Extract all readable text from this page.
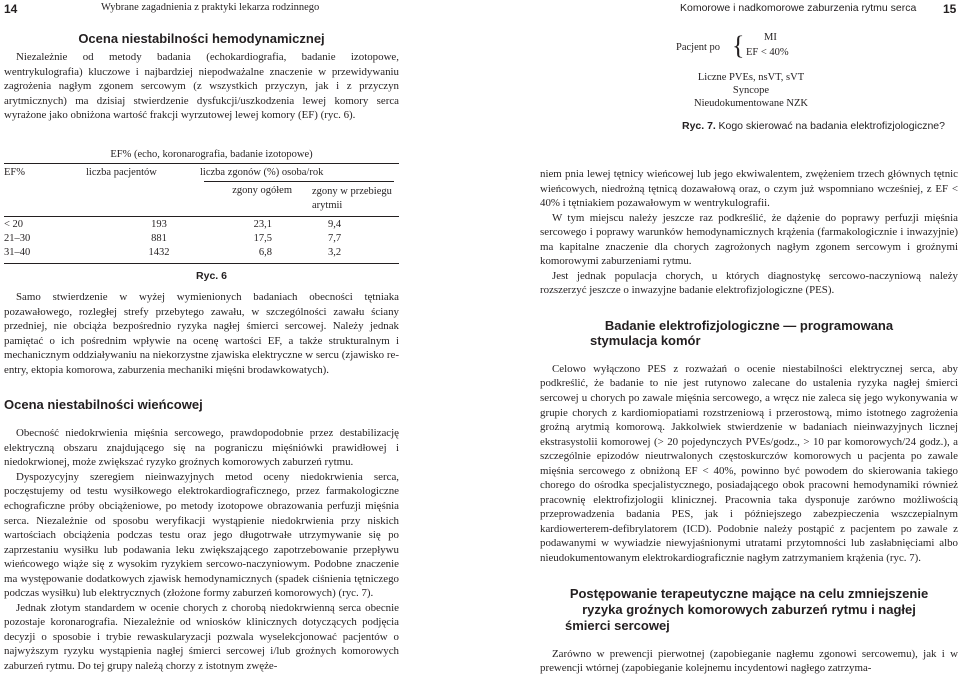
14	Wybrane zagadnienia z praktyki lekarza rodzinnego	Komorowe i nadkomorowe zaburzenia rytmu serca 15
Ocena niestabilności hemodynamicznej

Niezależnie od metody badania (echokardiografia, badanie izotopowe, wentrykulografia) kluczowe i najbardziej niepodważalne znaczenie w przewidywaniu zagrożenia nagłym zgonem sercowym (z wszystkich przyczyn, jak i z przyczyn arytmicznych) ma dzisiaj stwierdzenie dysfukcji/uszkodzenia lewej komory serca wyrażone jako obniżona wartość frakcji wyrzutowej lewej komory (EF) (ryc. 6).

EF% (echo, koronarografia, badanie izotopowe)
EF%	liczba pacjentów	liczba zgonów (%) osoba/rok
		zgony ogółem	zgony w przebiegu arytmii
< 20		193	23,1	9,4
21–30		881	17,5	7,7
31–40		1432	6,8	3,2
Ryc. 6

Samo stwierdzenie w wyżej wymienionych badaniach obecności tętniaka pozawałowego, rozległej strefy przebytego zawału, w szczególności zawału ściany przedniej, nie obciąża bezpośrednio ryzyka nagłej śmierci sercowej. Należy jednak pamiętać o ich pośrednim wpływie na ocenę wartości EF, a także strukturalnym i mechanicznym oddziaływaniu na niekorzystne zjawiska elektryczne w sercu (zjawisko re-entry, ektopia komorowa, zaburzenia mechaniki mięśni brodawkowatych).

Ocena niestabilności wieńcowej

Obecność niedokrwienia mięśnia sercowego, prawdopodobnie przez destabilizację elektryczną obszaru znajdującego się na pograniczu mięśniówki prawidłowej i niedokrwionej, może zwiększać ryzyko groźnych komorowych zaburzeń rytmu.

Dyspozycyjny szeregiem nieinwazyjnych metod oceny niedokrwienia serca, poczęstujemy od testu wysiłkowego elektrokardiograficznego, przez farmakologiczne echograficzne próby obciążeniowe, po metody izotopowe obrazowania perfuzji mięśnia serca. Niezależnie od sposobu weryfikacji wystąpienie niedokrwienia przy niskich wartościach obciążenia podczas testu oraz jego długotrwałe utrzymywanie się po zaprzestaniu wysiłku lub podawania leku zwiększającego zapotrzebowanie przepływu wieńcowego wiąże się z wysokim ryzykiem sercowo-naczyniowym. Podobne znaczenie ma występowanie dodatkowych zjawisk hemodynamicznych (spadek ciśnienia tętniczego podczas wysiłku) lub elektrycznych (złożone formy zaburzeń komorowych) (ryc. 7).

Jednak złotym standardem w ocenie chorych z chorobą niedokrwienną serca obecnie pozostaje koronarografia. Niezależnie od wniosków klinicznych dotyczących podjęcia decyzji o sposobie i trybie rewaskularyzacji pozwala wyselekcjonować pacjentów o najwyższym ryzyku wystąpienia nagłej śmierci sercowej i/lub groźnych komorowych zaburzeń rytmu. Do tej grupy należą chorzy z istotnym zwęże-

Pacjent po { MI
EF < 40%
Liczne PVEs, nsVT, sVT
Syncope
Nieudokumentowane NZK
Ryc. 7. Kogo skierować na badania elektrofizjologiczne?

niem pnia lewej tętnicy wieńcowej lub jego ekwiwalentem, zwężeniem trzech głównych tętnic wieńcowych, niedrożną tętnicą dozawałową oraz, o czym już wspomniano wcześniej, z EF < 40% i tętniakiem pozawałowym w wentrykulografii.

W tym miejscu należy jeszcze raz podkreślić, że dążenie do poprawy perfuzji mięśnia sercowego i poprawy warunków hemodynamicznych krążenia (farmakologicznie i inwazyjnie) ma kapitalne znaczenie dla chorych zagrożonych nagłym zgonem sercowym i groźnymi komorowymi zaburzeniami rytmu.

Jest jednak populacja chorych, u których diagnostykę sercowo-naczyniową należy rozszerzyć jeszcze o inwazyjne badanie elektrofizjologiczne (PES).

Badanie elektrofizjologiczne — programowana stymulacja komór

Celowo wyłączono PES z rozważań o ocenie niestabilności elektrycznej serca, aby podkreślić, że badanie to nie jest rutynowo zalecane do ustalenia ryzyka nagłej śmierci sercowej u chorych po zawale mięśnia sercowego, a wręcz nie zaleca się jego wykonywania w grupie chorych z kardiomiopatiami rozstrzeniową i przerostową, mimo istotnego zagrożenia groźną arytmią komorową. Jakkolwiek stwierdzenie w badaniach nieinwazyjnych licznej ekstrasystolii komorowej (> 20 pojedynczych PVEs/godz., > 10 par komorowych/24 godz.), a szczególnie epizodów nieutrwalonych częstoskurczów komorowych u pacjenta po zawale mięśnia sercowego z obniżoną EF < 40%, powinno być powodem do skierowania takiego chorego do ośrodka specjalistycznego, posiadającego obok pracowni hemodynamiki również pracownię elektrofizjologii klinicznej. Pracownia taka dysponuje zarówno możliwością przeprowadzenia badania PES, jak i późniejszego zabezpieczenia wszczepialnym kardiowerterem-defibrylatorem (ICD). Podobnie należy postąpić z pacjentem po zawale z podawanymi w wywiadzie niewyjaśnionymi utratami przytomności lub zasłabnięciami albo nieudokumentowanym elektrokardiograficznie nagłym zatrzymaniem krążenia (ryc. 7).

Postępowanie terapeutyczne mające na celu zmniejszenie ryzyka groźnych komorowych zaburzeń rytmu i nagłej śmierci sercowej

Zarówno w prewencji pierwotnej (zapobieganie nagłemu zgonowi sercowemu), jak i w prewencji wtórnej (zapobieganie kolejnemu incydentowi nagłego zatrzyma-
